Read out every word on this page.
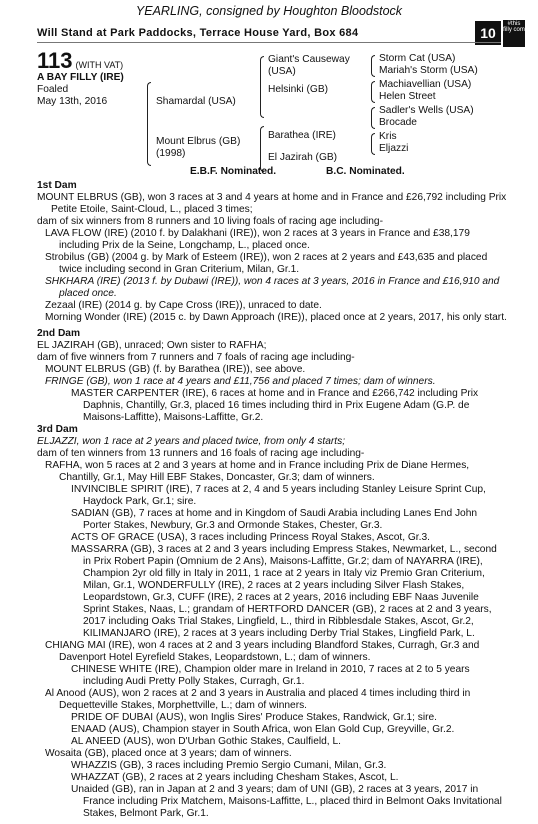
YEARLING, consigned by Houghton Bloodstock
Will Stand at Park Paddocks, Terrace House Yard, Box 684	10
#this filly com
113 (WITH VAT)
A BAY FILLY (IRE)
Foaled
May 13th, 2016	Shamardal (USA)
Mount Elbrus (GB)
(1998)
Giant's Causeway
(USA)
Helsinki (GB)
Barathea (IRE)
El Jazirah (GB)
Storm Cat (USA)
Mariah's Storm (USA)
Machiavellian (USA)
Helen Street
Sadler's Wells (USA)
Brocade
Kris
Eljazzi
E.B.F. Nominated.	B.C. Nominated.

1st Dam

MOUNT ELBRUS (GB), won 3 races at 3 and 4 years at home and in France and £26,792 including Prix Petite Etoile, Saint-Cloud, L., placed 3 times;

dam of six winners from 8 runners and 10 living foals of racing age including-

LAVA FLOW (IRE) (2010 f. by Dalakhani (IRE)), won 2 races at 3 years in France and £38,179 including Prix de la Seine, Longchamp, L., placed once.

Strobilus (GB) (2004 g. by Mark of Esteem (IRE)), won 2 races at 2 years and £43,635 and placed twice including second in Gran Criterium, Milan, Gr.1.

SHKHARA (IRE) (2013 f. by Dubawi (IRE)), won 4 races at 3 years, 2016 in France and £16,910 and placed once.

Zezaal (IRE) (2014 g. by Cape Cross (IRE)), unraced to date.

Morning Wonder (IRE) (2015 c. by Dawn Approach (IRE)), placed once at 2 years, 2017, his only start.

2nd Dam

EL JAZIRAH (GB), unraced; Own sister to RAFHA;

dam of five winners from 7 runners and 7 foals of racing age including-

MOUNT ELBRUS (GB) (f. by Barathea (IRE)), see above.

FRINGE (GB), won 1 race at 4 years and £11,756 and placed 7 times; dam of winners.

MASTER CARPENTER (IRE), 6 races at home and in France and £266,742 including Prix Daphnis, Chantilly, Gr.3, placed 16 times including third in Prix Eugene Adam (G.P. de Maisons-Laffitte), Maisons-Laffitte, Gr.2.

3rd Dam

ELJAZZI, won 1 race at 2 years and placed twice, from only 4 starts;

dam of ten winners from 13 runners and 16 foals of racing age including-

RAFHA, won 5 races at 2 and 3 years at home and in France including Prix de Diane Hermes, Chantilly, Gr.1, May Hill EBF Stakes, Doncaster, Gr.3; dam of winners.

INVINCIBLE SPIRIT (IRE), 7 races at 2, 4 and 5 years including Stanley Leisure Sprint Cup, Haydock Park, Gr.1; sire.

SADIAN (GB), 7 races at home and in Kingdom of Saudi Arabia including Lanes End John Porter Stakes, Newbury, Gr.3 and Ormonde Stakes, Chester, Gr.3.

ACTS OF GRACE (USA), 3 races including Princess Royal Stakes, Ascot, Gr.3.

MASSARRA (GB), 3 races at 2 and 3 years including Empress Stakes, Newmarket, L., second in Prix Robert Papin (Omnium de 2 Ans), Maisons-Laffitte, Gr.2; dam of NAYARRA (IRE), Champion 2yr old filly in Italy in 2011, 1 race at 2 years in Italy viz Premio Gran Criterium, Milan, Gr.1, WONDERFULLY (IRE), 2 races at 2 years including Silver Flash Stakes, Leopardstown, Gr.3, CUFF (IRE), 2 races at 2 years, 2016 including EBF Naas Juvenile Sprint Stakes, Naas, L.; grandam of HERTFORD DANCER (GB), 2 races at 2 and 3 years, 2017 including Oaks Trial Stakes, Lingfield, L., third in Ribblesdale Stakes, Ascot, Gr.2, KILIMANJARO (IRE), 2 races at 3 years including Derby Trial Stakes, Lingfield Park, L.

CHIANG MAI (IRE), won 4 races at 2 and 3 years including Blandford Stakes, Curragh, Gr.3 and Davenport Hotel Eyrefield Stakes, Leopardstown, L.; dam of winners.

CHINESE WHITE (IRE), Champion older mare in Ireland in 2010, 7 races at 2 to 5 years including Audi Pretty Polly Stakes, Curragh, Gr.1.

Al Anood (AUS), won 2 races at 2 and 3 years in Australia and placed 4 times including third in Dequetteville Stakes, Morphettville, L.; dam of winners.

PRIDE OF DUBAI (AUS), won Inglis Sires' Produce Stakes, Randwick, Gr.1; sire.

ENAAD (AUS), Champion stayer in South Africa, won Elan Gold Cup, Greyville, Gr.2.

AL ANEED (AUS), won D'Urban Gothic Stakes, Caulfield, L.

Wosaita (GB), placed once at 3 years; dam of winners.

WHAZZIS (GB), 3 races including Premio Sergio Cumani, Milan, Gr.3.

WHAZZAT (GB), 2 races at 2 years including Chesham Stakes, Ascot, L.

Unaided (GB), ran in Japan at 2 and 3 years; dam of UNI (GB), 2 races at 3 years, 2017 in France including Prix Matchem, Maisons-Laffitte, L., placed third in Belmont Oaks Invitational Stakes, Belmont Park, Gr.1.
